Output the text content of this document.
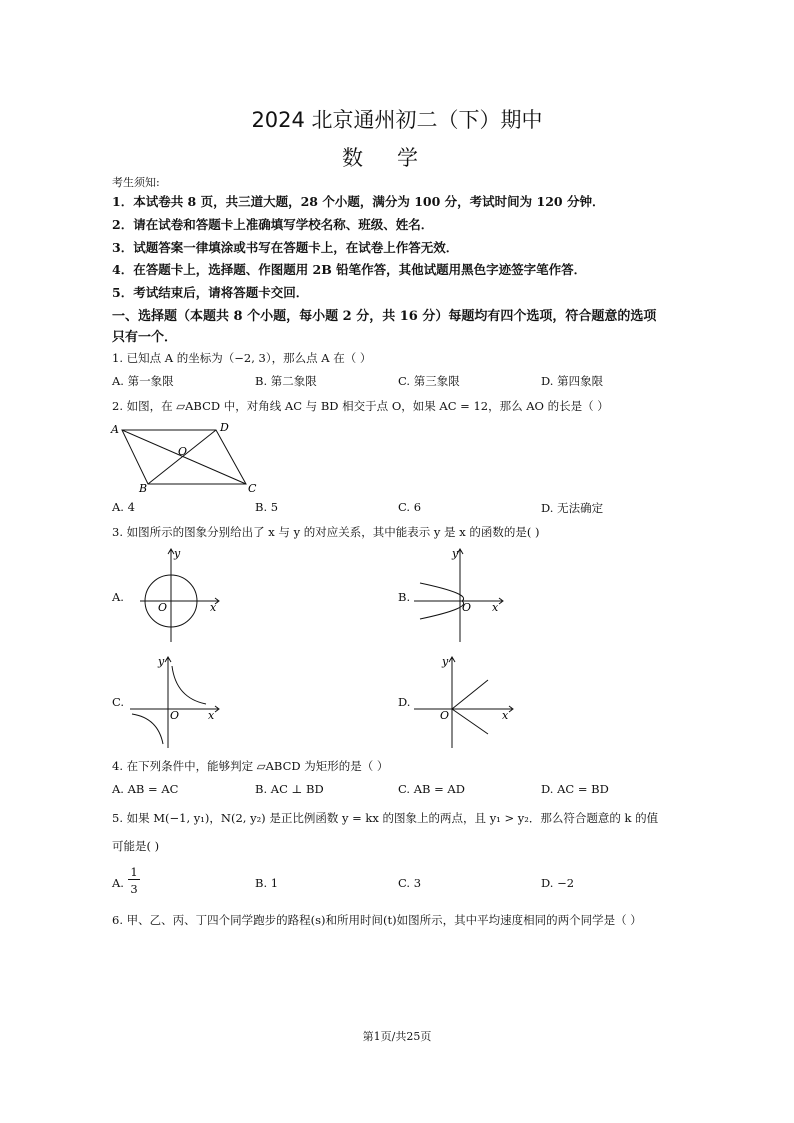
2024 北京通州初二（下）期中
数学
考生须知:
1．本试卷共 8 页，共三道大题，28 个小题，满分为 100 分，考试时间为 120 分钟．
2．请在试卷和答题卡上准确填写学校名称、班级、姓名．
3．试题答案一律填涂或书写在答题卡上，在试卷上作答无效．
4．在答题卡上，选择题、作图题用 2B 铅笔作答，其他试题用黑色字迹签字笔作答．
5．考试结束后，请将答题卡交回．
一、选择题（本题共 8 个小题，每小题 2 分，共 16 分）每题均有四个选项，符合题意的选项
只有一个．
1. 已知点 A 的坐标为（−2, 3），那么点 A 在（ ）
A. 第一象限	B. 第二象限	C. 第三象限	D. 第四象限
2. 如图，在 ▱ABCD 中，对角线 AC 与 BD 相交于点 O，如果 AC = 12，那么 AO 的长是（ ）
A	D
O
B	C
A. 4	B. 5	C. 6	D. 无法确定
3. 如图所示的图象分别给出了 x 与 y 的对应关系，其中能表示 y 是 x 的函数的是( )
A.
y
x
O
B.
y
x
O
C.
y
x
O
D.
y
x
O
4. 在下列条件中，能够判定 ▱ABCD 为矩形的是（ ）
A. AB = AC	B. AC ⊥ BD	C. AB = AD	D. AC = BD
5. 如果 M(−1, y₁)，N(2, y₂) 是正比例函数 y = kx 的图象上的两点，且 y₁ > y₂．那么符合题意的 k 的值
可能是( )
A.
1
3	B. 1	C. 3	D. −2
6. 甲、乙、丙、丁四个同学跑步的路程(s)和所用时间(t)如图所示，其中平均速度相同的两个同学是（ ）
第1页/共25页
